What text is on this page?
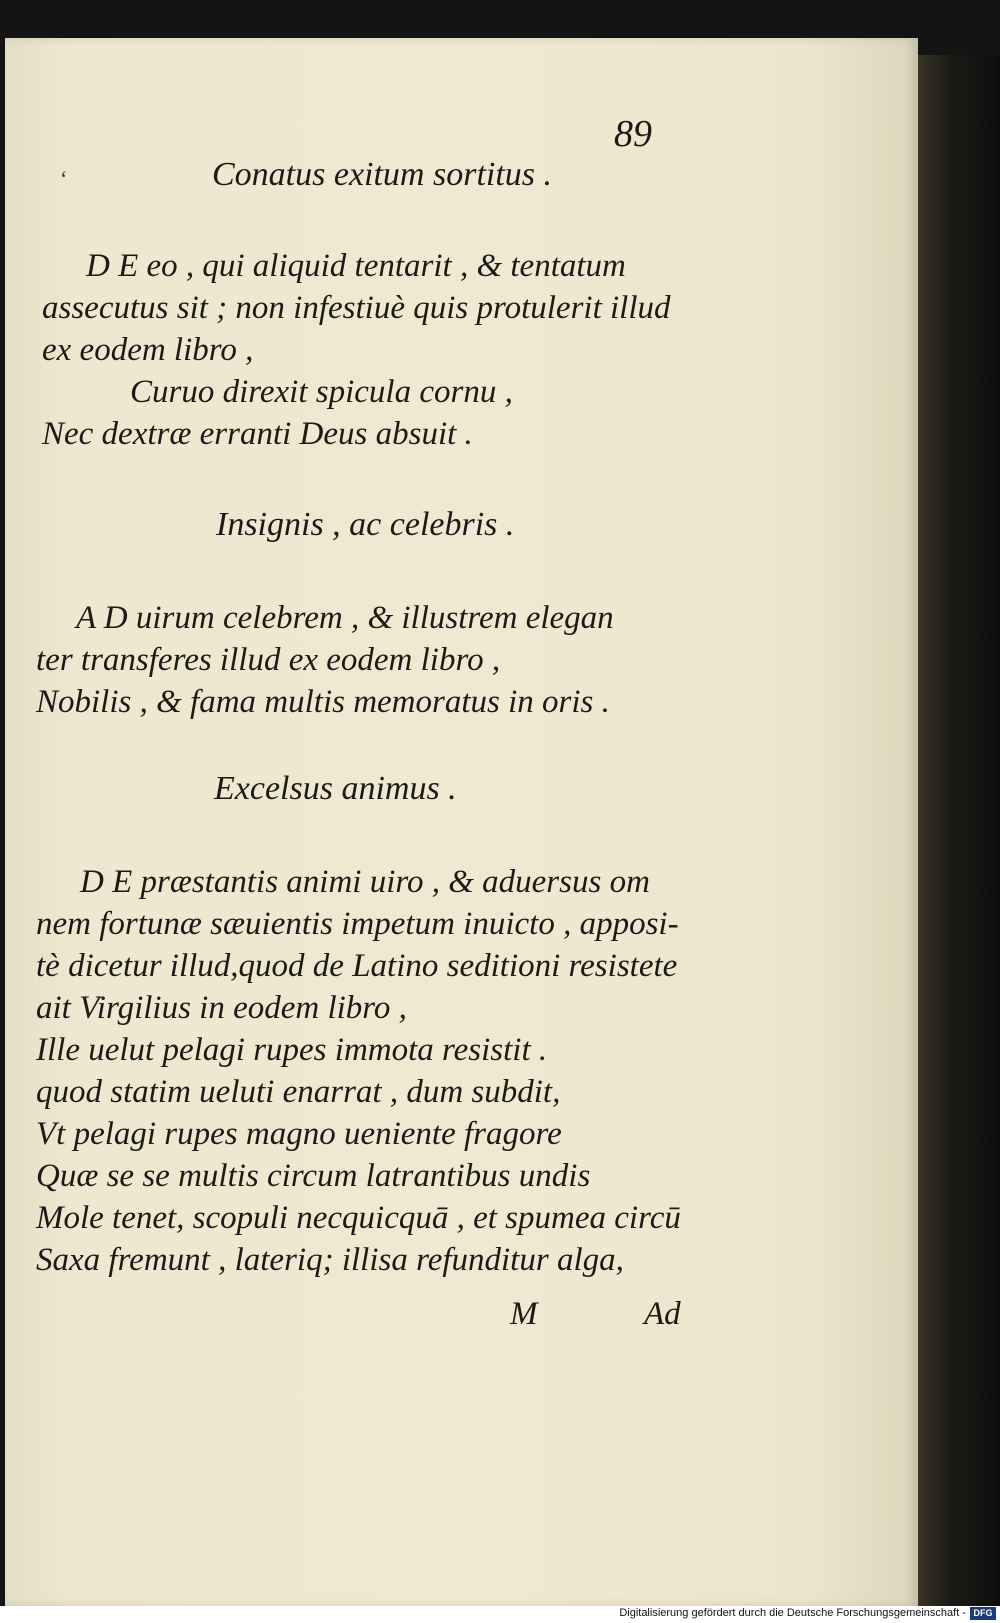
89
‘	Conatus exitum sortitus .
D E eo , qui aliquid tentarit , & tentatum
assecutus sit ; non infestiuè quis protulerit illud
ex eodem libro ,
Curuo direxit spicula cornu ,
Nec dextræ erranti Deus absuit .
Insignis , ac celebris .
A D uirum celebrem , & illustrem elegan
ter transferes illud ex eodem libro ,
Nobilis , & fama multis memoratus in oris .
Excelsus animus .
D E præstantis animi uiro , & aduersus om
nem fortunæ sæuientis impetum inuicto , apposi-
tè dicetur illud,quod de Latino seditioni resistete
ait Virgilius in eodem libro ,
Ille uelut pelagi rupes immota resistit .
quod statim ueluti enarrat , dum subdit,
Vt pelagi rupes magno ueniente fragore
Quæ se se multis circum latrantibus undis
Mole tenet, scopuli necquicquā , et spumea circū
Saxa fremunt , lateriq; illisa refunditur alga,
M	Ad
Digitalisierung gefördert durch die Deutsche Forschungsgemeinschaft - DFG
